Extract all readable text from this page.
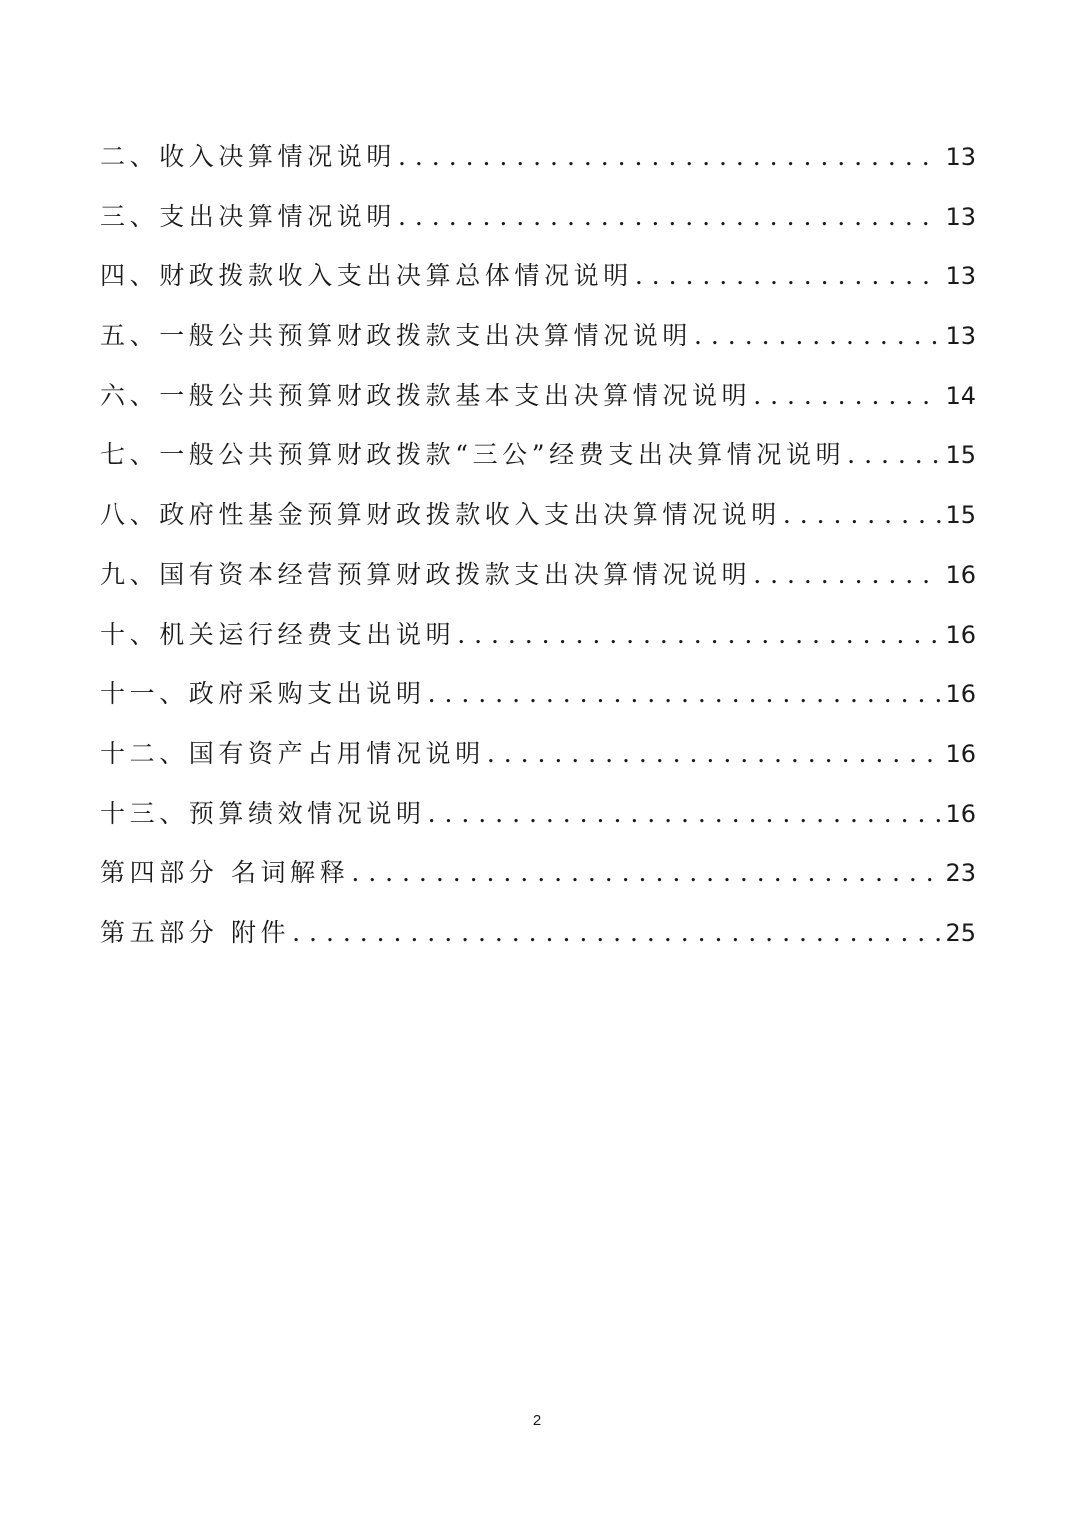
二、收入决算情况说明 . . .	13
三、支出决算情况说明 . . .	13
四、财政拨款收入支出决算总体情况说明 . . .	13
五、一般公共预算财政拨款支出决算情况说明 . . .	13
六、一般公共预算财政拨款基本支出决算情况说明 . . .	14
七、一般公共预算财政拨款“三公”经费支出决算情况说明 . . .	15
八、政府性基金预算财政拨款收入支出决算情况说明 . . .	15
九、国有资本经营预算财政拨款支出决算情况说明 . . .	16
十、机关运行经费支出说明 . . .	16
十一、政府采购支出说明 . . .	16
十二、国有资产占用情况说明 . . .	16
十三、预算绩效情况说明 . . .	16
第四部分 名词解释 . . .	23
第五部分 附件 . . .	25
2
